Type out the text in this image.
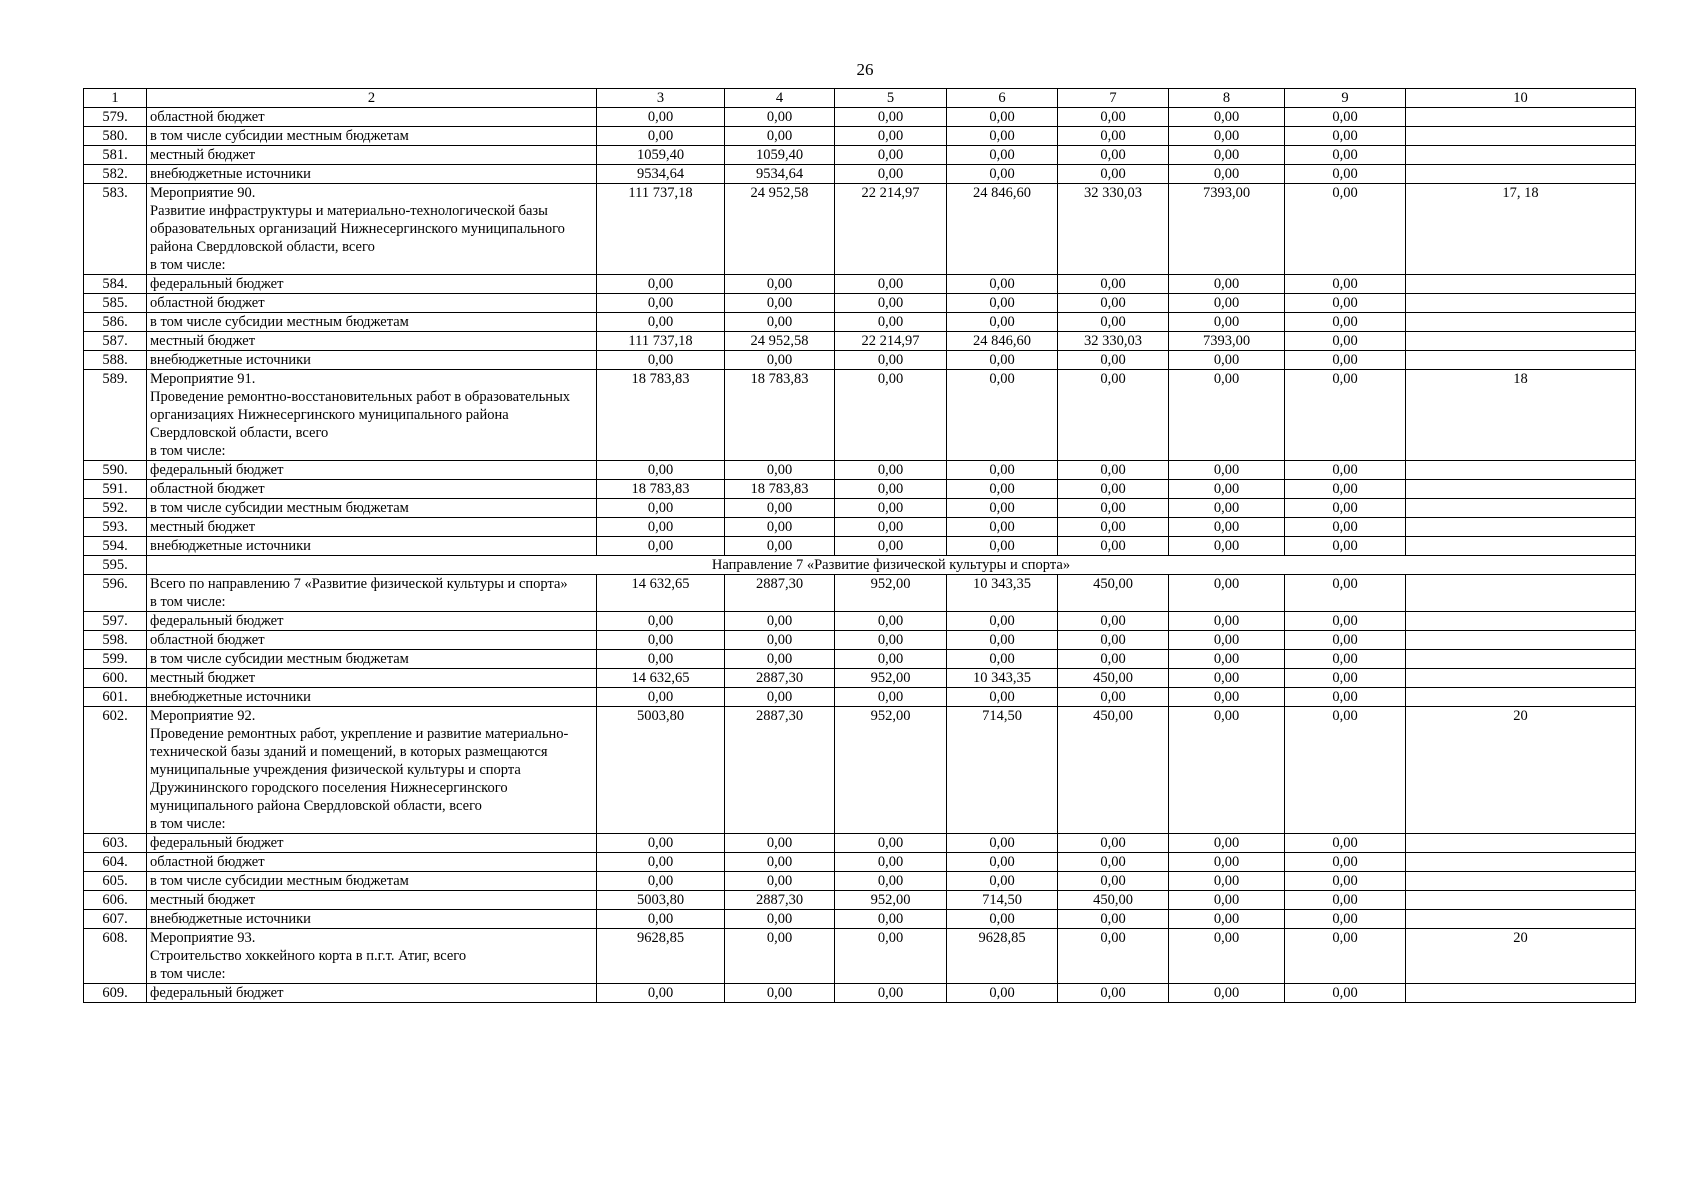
26
1	2	3	4	5	6	7	8	9	10
579.	областной бюджет	0,00	0,00	0,00	0,00	0,00	0,00	0,00	
580.	в том числе субсидии местным бюджетам	0,00	0,00	0,00	0,00	0,00	0,00	0,00	
581.	местный бюджет	1059,40	1059,40	0,00	0,00	0,00	0,00	0,00	
582.	внебюджетные источники	9534,64	9534,64	0,00	0,00	0,00	0,00	0,00	
583.	Мероприятие 90.
Развитие инфраструктуры и материально-технологической базы образовательных организаций Нижнесергинского муниципального района Свердловской области, всего
в том числе:	111 737,18	24 952,58	22 214,97	24 846,60	32 330,03	7393,00	0,00	17, 18
584.	федеральный бюджет	0,00	0,00	0,00	0,00	0,00	0,00	0,00	
585.	областной бюджет	0,00	0,00	0,00	0,00	0,00	0,00	0,00	
586.	в том числе субсидии местным бюджетам	0,00	0,00	0,00	0,00	0,00	0,00	0,00	
587.	местный бюджет	111 737,18	24 952,58	22 214,97	24 846,60	32 330,03	7393,00	0,00	
588.	внебюджетные источники	0,00	0,00	0,00	0,00	0,00	0,00	0,00	
589.	Мероприятие 91.
Проведение ремонтно-восстановительных работ в образовательных организациях Нижнесергинского муниципального района Свердловской области, всего
в том числе:	18 783,83	18 783,83	0,00	0,00	0,00	0,00	0,00	18
590.	федеральный бюджет	0,00	0,00	0,00	0,00	0,00	0,00	0,00	
591.	областной бюджет	18 783,83	18 783,83	0,00	0,00	0,00	0,00	0,00	
592.	в том числе субсидии местным бюджетам	0,00	0,00	0,00	0,00	0,00	0,00	0,00	
593.	местный бюджет	0,00	0,00	0,00	0,00	0,00	0,00	0,00	
594.	внебюджетные источники	0,00	0,00	0,00	0,00	0,00	0,00	0,00	
595.	Направление 7 «Развитие физической культуры и спорта»								
596.	Всего по направлению 7 «Развитие физической культуры и спорта»
в том числе:	14 632,65	2887,30	952,00	10 343,35	450,00	0,00	0,00	
597.	федеральный бюджет	0,00	0,00	0,00	0,00	0,00	0,00	0,00	
598.	областной бюджет	0,00	0,00	0,00	0,00	0,00	0,00	0,00	
599.	в том числе субсидии местным бюджетам	0,00	0,00	0,00	0,00	0,00	0,00	0,00	
600.	местный бюджет	14 632,65	2887,30	952,00	10 343,35	450,00	0,00	0,00	
601.	внебюджетные источники	0,00	0,00	0,00	0,00	0,00	0,00	0,00	
602.	Мероприятие 92.
Проведение ремонтных работ, укрепление и развитие материально-технической базы зданий и помещений, в которых размещаются муниципальные учреждения физической культуры и спорта Дружининского городского поселения Нижнесергинского муниципального района Свердловской области, всего
в том числе:	5003,80	2887,30	952,00	714,50	450,00	0,00	0,00	20
603.	федеральный бюджет	0,00	0,00	0,00	0,00	0,00	0,00	0,00	
604.	областной бюджет	0,00	0,00	0,00	0,00	0,00	0,00	0,00	
605.	в том числе субсидии местным бюджетам	0,00	0,00	0,00	0,00	0,00	0,00	0,00	
606.	местный бюджет	5003,80	2887,30	952,00	714,50	450,00	0,00	0,00	
607.	внебюджетные источники	0,00	0,00	0,00	0,00	0,00	0,00	0,00	
608.	Мероприятие 93.
Строительство хоккейного корта в п.г.т. Атиг, всего
в том числе:	9628,85	0,00	0,00	9628,85	0,00	0,00	0,00	20
609.	федеральный бюджет	0,00	0,00	0,00	0,00	0,00	0,00	0,00	
